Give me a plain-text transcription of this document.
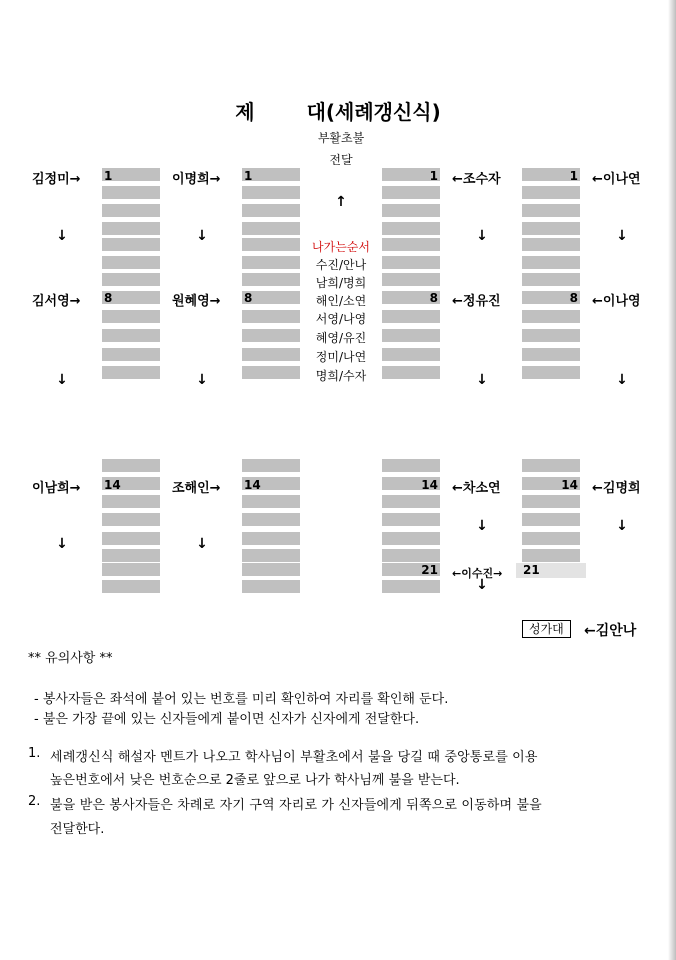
제	대(세례갱신식)
부활초불
전달
↑
나가는순서
수진/안나
남희/명희
해인/소연
서영/나영
혜영/유진
정미/나연
명희/수자
김정미→ 1	이명희→ 1	1 ←조수자	1 ←이나연
김서영→ 8	원혜영→ 8	8 ←정유진	8 ←이나영
이남희→ 14	조해인→ 14	14 ←차소연	14 ←김명희
21 ←이수진→ 21
↓	↓	↓	↓
↓	↓	↓	↓
↓	↓
↓	↓
↓
성가대	←김안나
** 유의사항 **
- 봉사자들은 좌석에 붙어 있는 번호를 미리 확인하여 자리를 확인해 둔다.
- 불은 가장 끝에 있는 신자들에게 붙이면 신자가 신자에게 전달한다.
1. 세례갱신식 해설자 멘트가 나오고 학사님이 부활초에서 불을 당길 때 중앙통로를 이용
높은번호에서 낮은 번호순으로 2줄로 앞으로 나가 학사님께 불을 받는다.
2. 불을 받은 봉사자들은 차례로 자기 구역 자리로 가 신자들에게 뒤쪽으로 이동하며 불을
전달한다.
